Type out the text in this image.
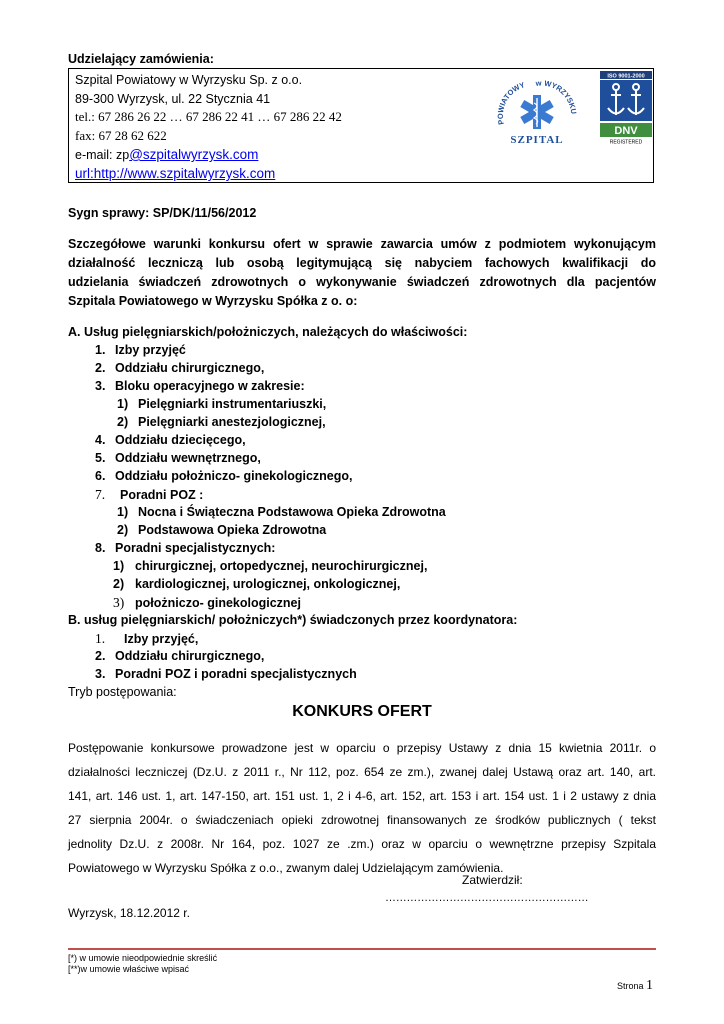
Udzielający zamówienia:
Szpital Powiatowy w Wyrzysku Sp. z o.o.
89-300 Wyrzysk, ul. 22 Stycznia 41
tel.: 67 286 26 22 … 67 286 22 41 … 67 286 22 42
fax: 67 28 62 622
e-mail: zp@szpitalwyrzysk.com
url:http://www.szpitalwyrzysk.com
POWIATOWY w WYRZYSKU
SZPITAL
ISO 9001-2000
DNV
REGISTERED
Sygn sprawy: SP/DK/11/56/2012
Szczegółowe warunki konkursu ofert w sprawie zawarcia umów z podmiotem wykonującym
działalność leczniczą lub osobą legitymującą się nabyciem fachowych kwalifikacji do
udzielania świadczeń zdrowotnych o wykonywanie świadczeń zdrowotnych dla pacjentów
Szpitala Powiatowego w Wyrzysku Spółka z o. o:
A. Usług pielęgniarskich/położniczych, należących do właściwości:
1. Izby przyjęć
2. Oddziału chirurgicznego,
3. Bloku operacyjnego w zakresie:
1) Pielęgniarki instrumentariuszki,
2) Pielęgniarki anestezjologicznej,
4. Oddziału dziecięcego,
5. Oddziału wewnętrznego,
6. Oddziału położniczo- ginekologicznego,
7. Poradni POZ :
1) Nocna i Świąteczna Podstawowa Opieka Zdrowotna
2) Podstawowa Opieka Zdrowotna
8. Poradni specjalistycznych:
1) chirurgicznej, ortopedycznej, neurochirurgicznej,
2) kardiologicznej, urologicznej, onkologicznej,
3) położniczo- ginekologicznej
B. usług pielęgniarskich/ położniczych*) świadczonych przez koordynatora:
1. Izby przyjęć,
2. Oddziału chirurgicznego,
3. Poradni POZ i poradni specjalistycznych
Tryb postępowania:
KONKURS OFERT
Postępowanie konkursowe prowadzone jest w oparciu o przepisy Ustawy z dnia 15 kwietnia 2011r. o
działalności leczniczej (Dz.U. z 2011 r., Nr 112, poz. 654 ze zm.), zwanej dalej Ustawą oraz art. 140, art.
141, art. 146 ust. 1, art. 147-150, art. 151 ust. 1, 2 i 4-6, art. 152, art. 153 i art. 154 ust. 1 i 2 ustawy z dnia
27 sierpnia 2004r. o świadczeniach opieki zdrowotnej finansowanych ze środków publicznych ( tekst
jednolity Dz.U. z 2008r. Nr 164, poz. 1027 ze .zm.) oraz w oparciu o wewnętrzne przepisy Szpitala
Powiatowego w Wyrzysku Spółka z o.o., zwanym dalej Udzielającym zamówienia.
Zatwierdził:
…………………………………………………
Wyrzysk, 18.12.2012 r.
[*) w umowie nieodpowiednie skreślić
[**)w umowie właściwe wpisać
Strona 1
